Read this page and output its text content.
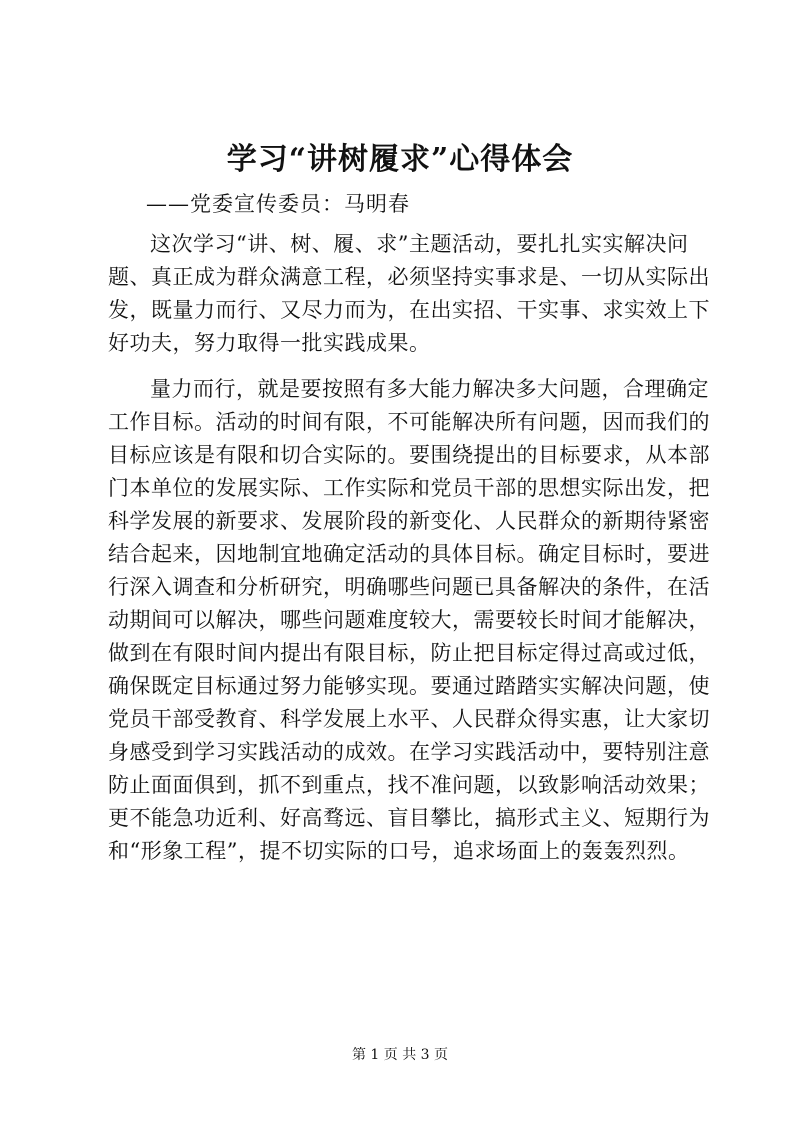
学习“讲树履求”心得体会
——党委宣传委员：马明春

这次学习“讲、树、履、求”主题活动，要扎扎实实解决问
题、真正成为群众满意工程，必须坚持实事求是、一切从实际出
发，既量力而行、又尽力而为，在出实招、干实事、求实效上下
好功夫，努力取得一批实践成果。

量力而行，就是要按照有多大能力解决多大问题，合理确定
工作目标。活动的时间有限，不可能解决所有问题，因而我们的
目标应该是有限和切合实际的。要围绕提出的目标要求，从本部
门本单位的发展实际、工作实际和党员干部的思想实际出发，把
科学发展的新要求、发展阶段的新变化、人民群众的新期待紧密
结合起来，因地制宜地确定活动的具体目标。确定目标时，要进
行深入调查和分析研究，明确哪些问题已具备解决的条件，在活
动期间可以解决，哪些问题难度较大，需要较长时间才能解决，
做到在有限时间内提出有限目标，防止把目标定得过高或过低，
确保既定目标通过努力能够实现。要通过踏踏实实解决问题，使
党员干部受教育、科学发展上水平、人民群众得实惠，让大家切
身感受到学习实践活动的成效。在学习实践活动中，要特别注意
防止面面俱到，抓不到重点，找不准问题，以致影响活动效果；
更不能急功近利、好高骛远、盲目攀比，搞形式主义、短期行为
和“形象工程”，提不切实际的口号，追求场面上的轰轰烈烈。

第 1 页 共 3 页
